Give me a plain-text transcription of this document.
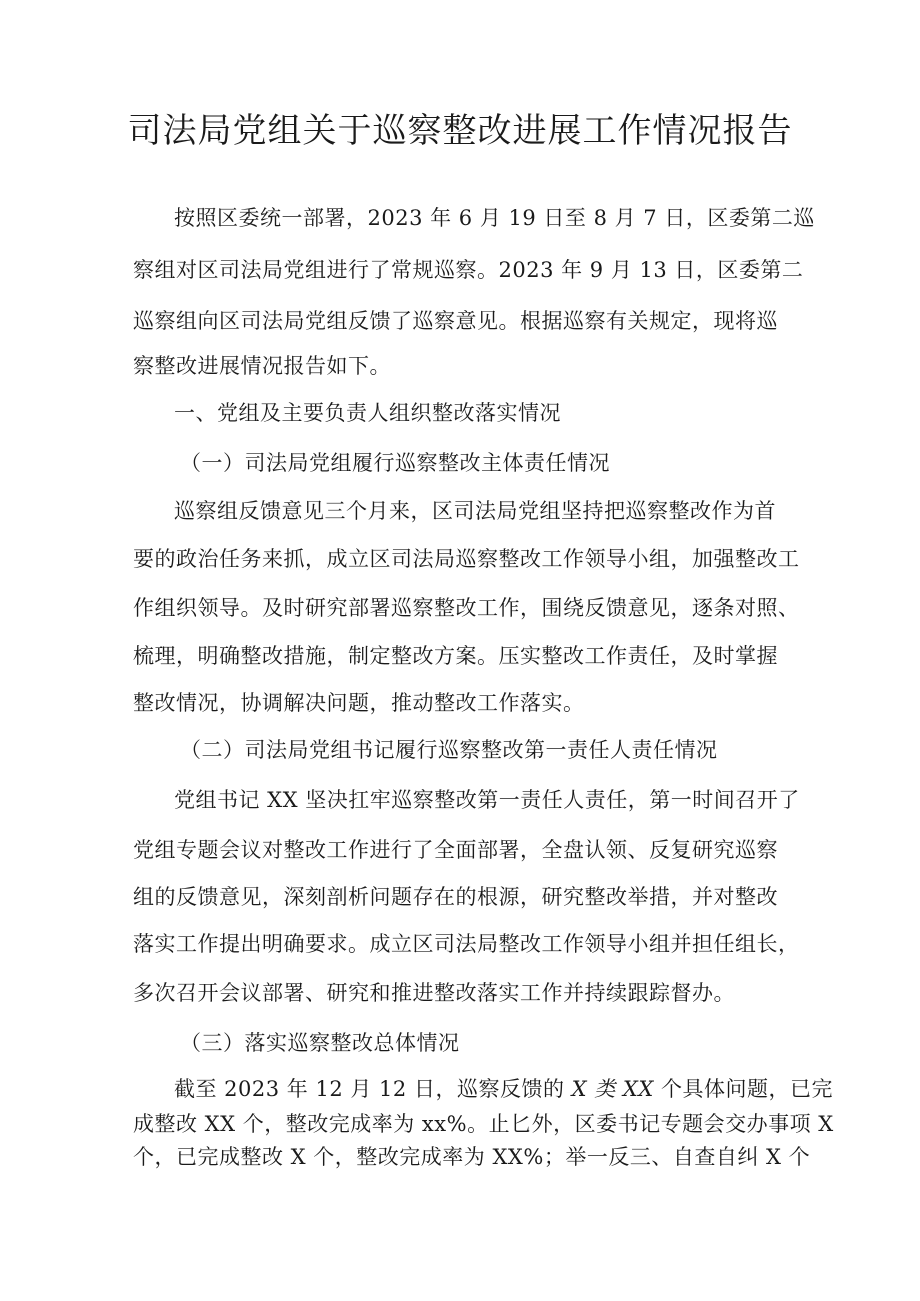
司法局党组关于巡察整改进展工作情况报告
按照区委统一部署，2023 年 6 月 19 日至 8 月 7 日，区委第二巡
察组对区司法局党组进行了常规巡察。2023 年 9 月 13 日，区委第二
巡察组向区司法局党组反馈了巡察意见。根据巡察有关规定，现将巡
察整改进展情况报告如下。
一、党组及主要负责人组织整改落实情况
（一）司法局党组履行巡察整改主体责任情况
巡察组反馈意见三个月来，区司法局党组坚持把巡察整改作为首
要的政治任务来抓，成立区司法局巡察整改工作领导小组，加强整改工
作组织领导。及时研究部署巡察整改工作，围绕反馈意见，逐条对照、
梳理，明确整改措施，制定整改方案。压实整改工作责任，及时掌握
整改情况，协调解决问题，推动整改工作落实。
（二）司法局党组书记履行巡察整改第一责任人责任情况
党组书记 XX 坚决扛牢巡察整改第一责任人责任，第一时间召开了
党组专题会议对整改工作进行了全面部署，全盘认领、反复研究巡察
组的反馈意见，深刻剖析问题存在的根源，研究整改举措，并对整改
落实工作提出明确要求。成立区司法局整改工作领导小组并担任组长，
多次召开会议部署、研究和推进整改落实工作并持续跟踪督办。
（三）落实巡察整改总体情况
截至 2023 年 12 月 12 日，巡察反馈的 X 类 XX 个具体问题，已完
成整改 XX 个，整改完成率为 xx%。止匕外，区委书记专题会交办事项 X
个，已完成整改 X 个，整改完成率为 XX%；举一反三、自查自纠 X 个
